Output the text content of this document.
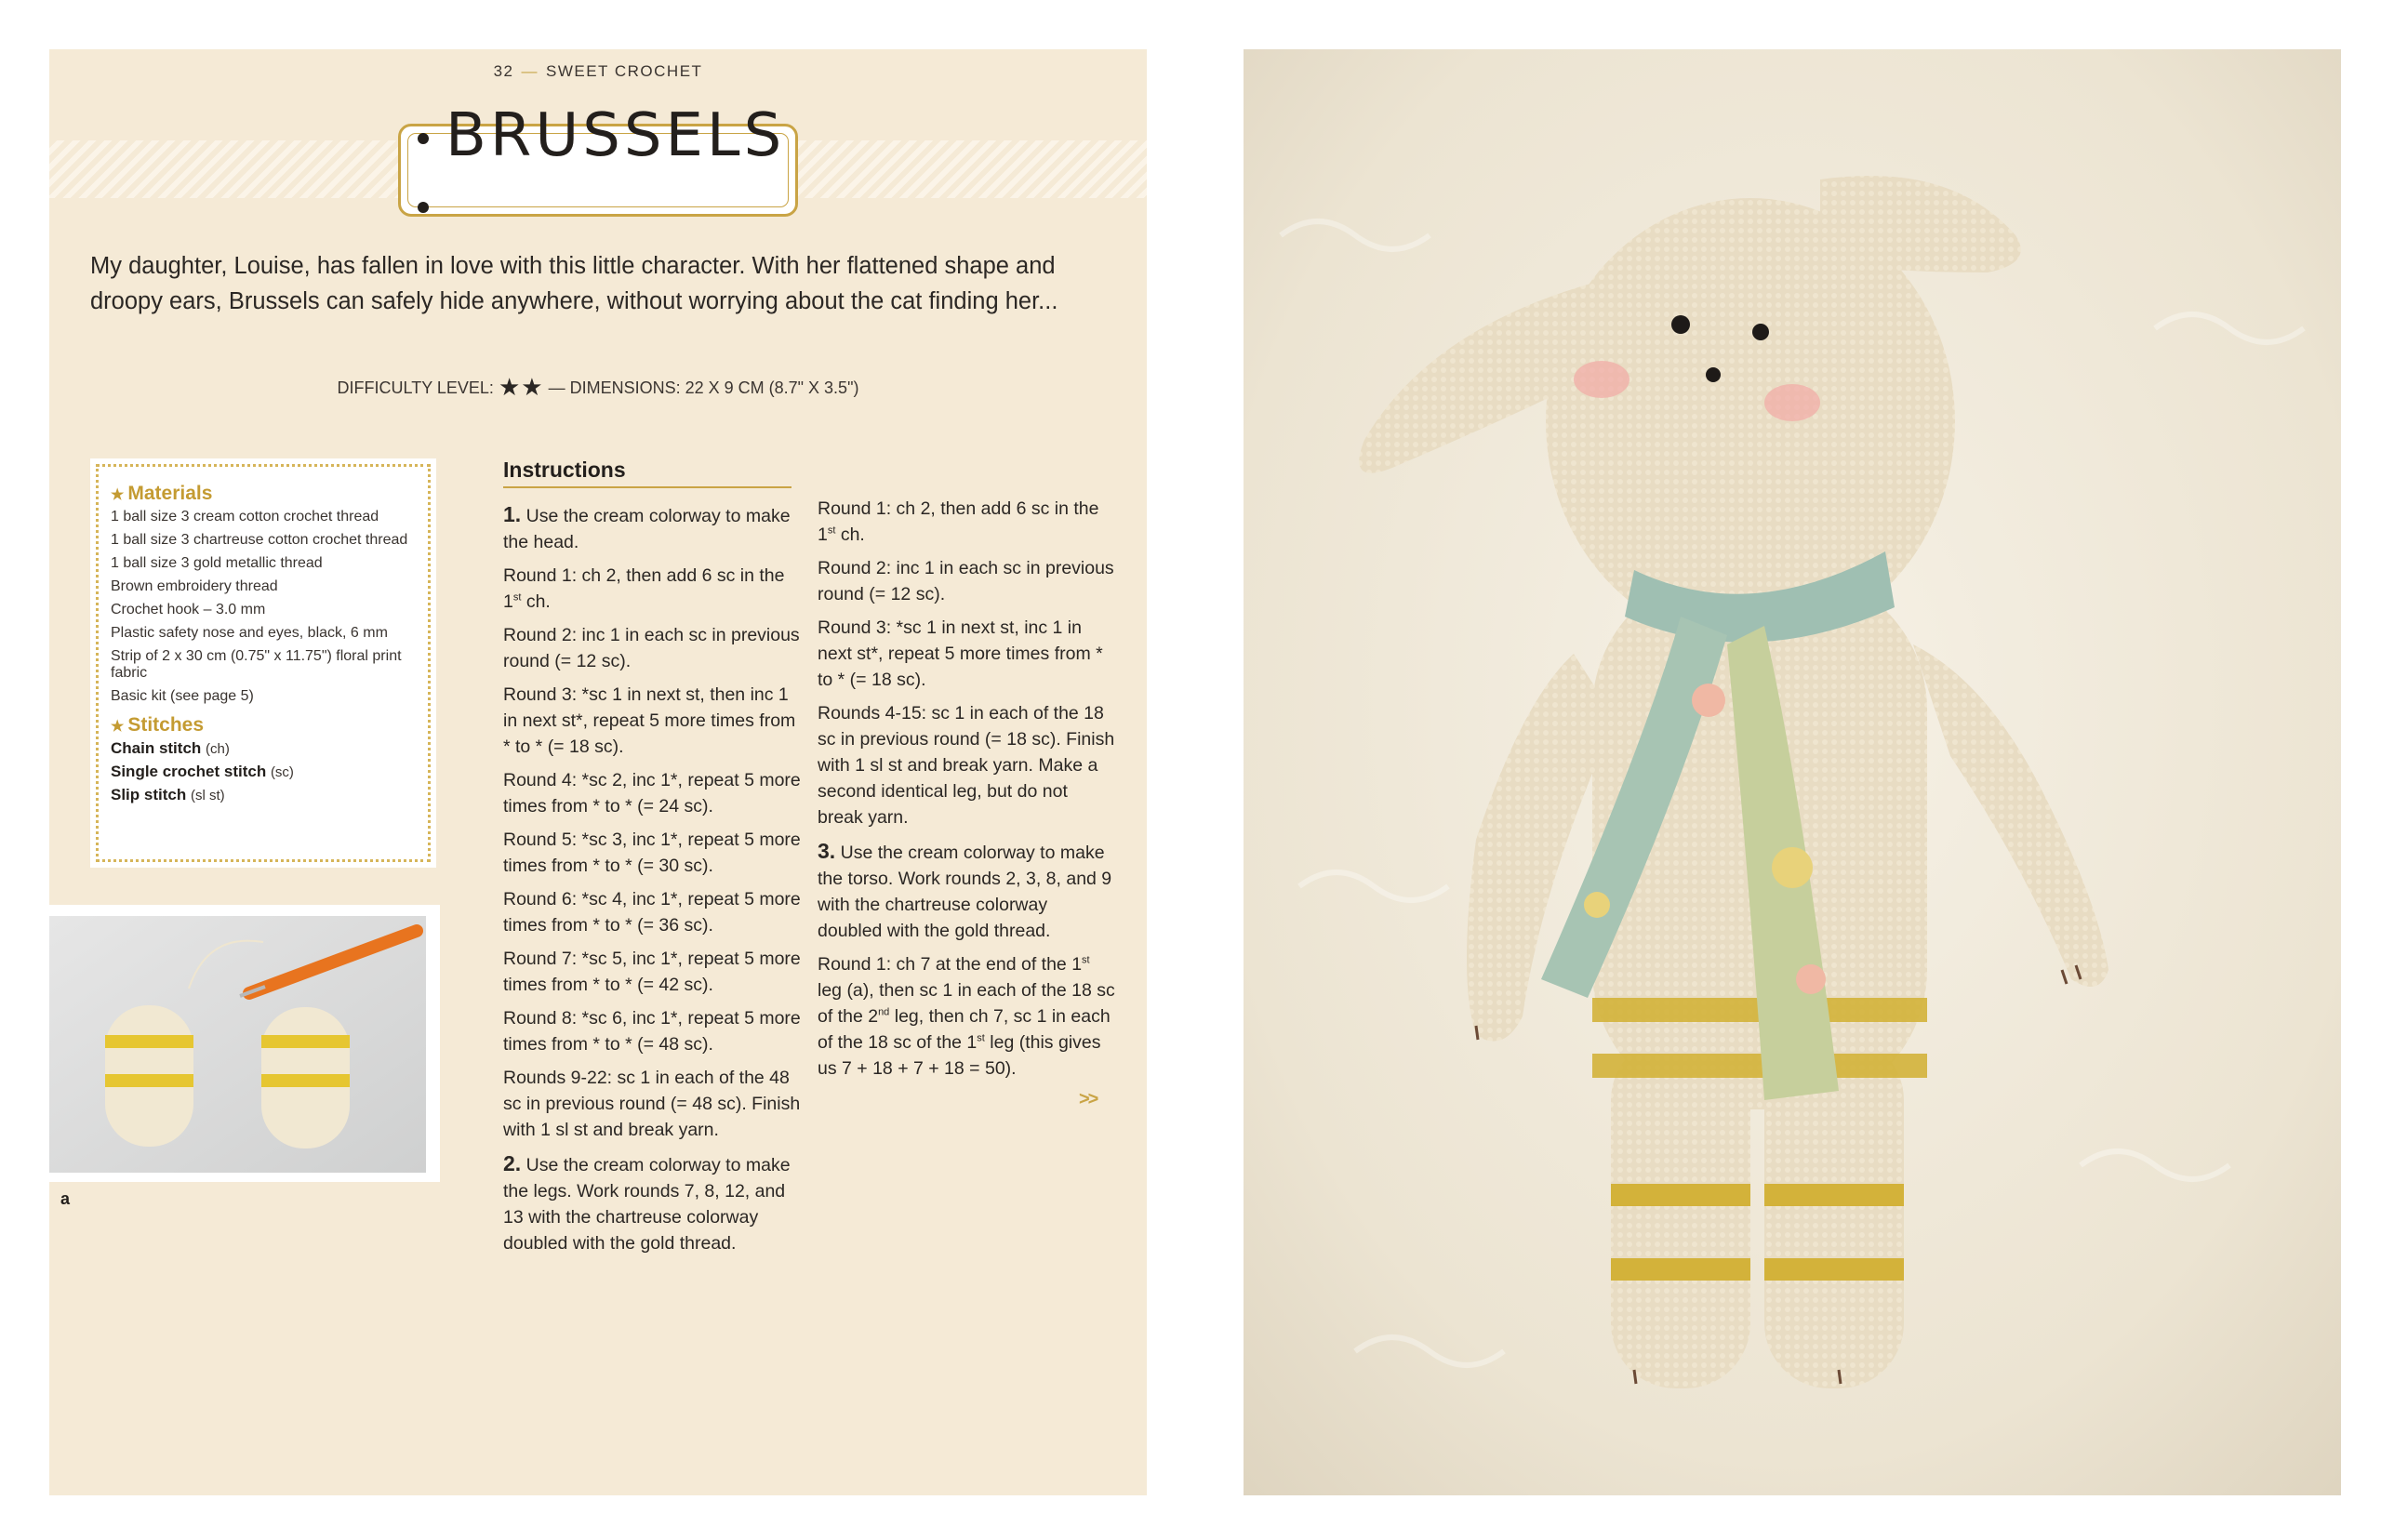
32 — SWEET CROCHET
BRUSSELS
My daughter, Louise, has fallen in love with this little character. With her flattened shape and droopy ears, Brussels can safely hide anywhere, without worrying about the cat finding her...
DIFFICULTY LEVEL: ★★ — DIMENSIONS: 22 X 9 CM (8.7" X 3.5")
★ Materials
1 ball size 3 cream cotton crochet thread
1 ball size 3 chartreuse cotton crochet thread
1 ball size 3 gold metallic thread
Brown embroidery thread
Crochet hook – 3.0 mm
Plastic safety nose and eyes, black, 6 mm
Strip of 2 x 30 cm (0.75" x 11.75") floral print fabric
Basic kit (see page 5)
★ Stitches
Chain stitch (ch)
Single crochet stitch (sc)
Slip stitch (sl st)
a
Instructions

1. Use the cream colorway to make the head.

Round 1: ch 2, then add 6 sc in the 1st ch.

Round 2: inc 1 in each sc in previous round (= 12 sc).

Round 3: *sc 1 in next st, then inc 1 in next st*, repeat 5 more times from * to * (= 18 sc).

Round 4: *sc 2, inc 1*, repeat 5 more times from * to * (= 24 sc).

Round 5: *sc 3, inc 1*, repeat 5 more times from * to * (= 30 sc).

Round 6: *sc 4, inc 1*, repeat 5 more times from * to * (= 36 sc).

Round 7: *sc 5, inc 1*, repeat 5 more times from * to * (= 42 sc).

Round 8: *sc 6, inc 1*, repeat 5 more times from * to * (= 48 sc).

Rounds 9-22: sc 1 in each of the 48 sc in previous round (= 48 sc). Finish with 1 sl st and break yarn.

2. Use the cream colorway to make the legs. Work rounds 7, 8, 12, and 13 with the chartreuse colorway doubled with the gold thread.

Round 1: ch 2, then add 6 sc in the 1st ch.

Round 2: inc 1 in each sc in previous round (= 12 sc).

Round 3: *sc 1 in next st, inc 1 in next st*, repeat 5 more times from * to * (= 18 sc).

Rounds 4-15: sc 1 in each of the 18 sc in previous round (= 18 sc). Finish with 1 sl st and break yarn. Make a second identical leg, but do not break yarn.

3. Use the cream colorway to make the torso. Work rounds 2, 3, 8, and 9 with the chartreuse colorway doubled with the gold thread.

Round 1: ch 7 at the end of the 1st leg (a), then sc 1 in each of the 18 sc of the 2nd leg, then ch 7, sc 1 in each of the 18 sc of the 1st leg (this gives us 7 + 18 + 7 + 18 = 50).

>>
